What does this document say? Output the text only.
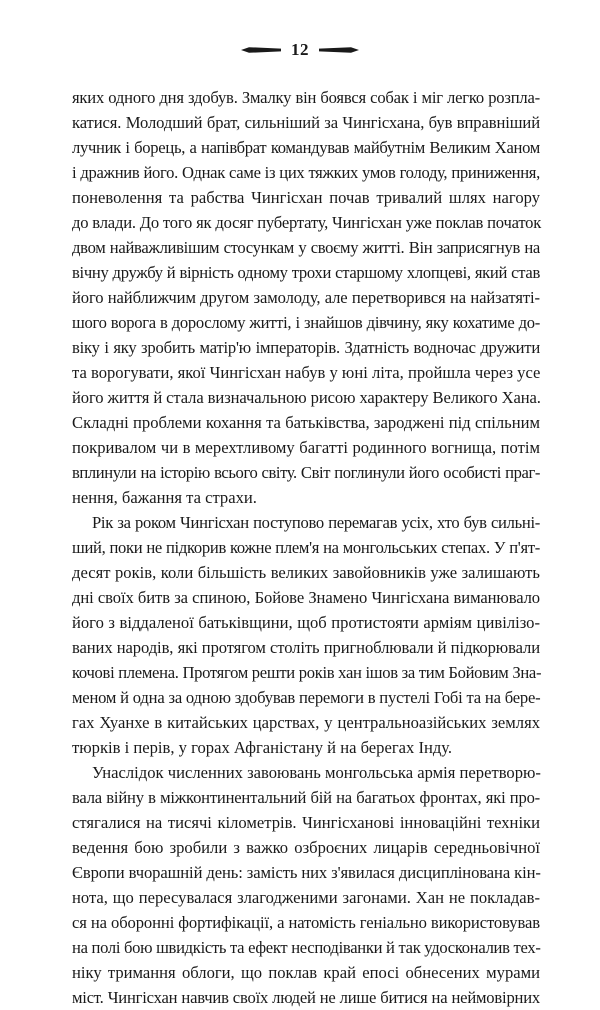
12
яких одного дня здобув. Змалку він боявся собак і міг легко розпла-
катися. Молодший брат, сильніший за Чингісхана, був вправніший
лучник і борець, а напівбрат командував майбутнім Великим Ханом
і дражнив його. Однак саме із цих тяжких умов голоду, приниження,
поневолення та рабства Чингісхан почав тривалий шлях нагору
до влади. До того як досяг пубертату, Чингісхан уже поклав початок
двом найважливішим стосункам у своєму житті. Він заприсягнув на
вічну дружбу й вірність одному трохи старшому хлопцеві, який став
його найближчим другом замолоду, але перетворився на найзатяті-
шого ворога в дорослому житті, і знайшов дівчину, яку кохатиме до-
віку і яку зробить матір'ю імператорів. Здатність водночас дружити
та ворогувати, якої Чингісхан набув у юні літа, пройшла через усе
його життя й стала визначальною рисою характеру Великого Хана.
Складні проблеми кохання та батьківства, зароджені під спільним
покривалом чи в мерехтливому багатті родинного вогнища, потім
вплинули на історію всього світу. Світ поглинули його особисті праг-
нення, бажання та страхи.
Рік за роком Чингісхан поступово перемагав усіх, хто був сильні-
ший, поки не підкорив кожне плем'я на монгольських степах. У п'ят-
десят років, коли більшість великих завойовників уже залишають
дні своїх битв за спиною, Бойове Знамено Чингісхана виманювало
його з віддаленої батьківщини, щоб протистояти арміям цивілізо-
ваних народів, які протягом століть пригноблювали й підкорювали
кочові племена. Протягом решти років хан ішов за тим Бойовим Зна-
меном й одна за одною здобував перемоги в пустелі Гобі та на бере-
гах Хуанхе в китайських царствах, у центральноазійських землях
тюрків і перів, у горах Афганістану й на берегах Інду.
Унаслідок численних завоювань монгольська армія перетворю-
вала війну в міжконтинентальний бій на багатьох фронтах, які про-
стягалися на тисячі кілометрів. Чингісханові інноваційні техніки
ведення бою зробили з важко озброєних лицарів середньовічної
Європи вчорашній день: замість них з'явилася дисциплінована кін-
нота, що пересувалася злагодженими загонами. Хан не покладав-
ся на оборонні фортифікації, а натомість геніально використовував
на полі бою швидкість та ефект несподіванки й так удосконалив тех-
ніку тримання облоги, що поклав край епосі обнесених мурами
міст. Чингісхан навчив своїх людей не лише битися на неймовірних
